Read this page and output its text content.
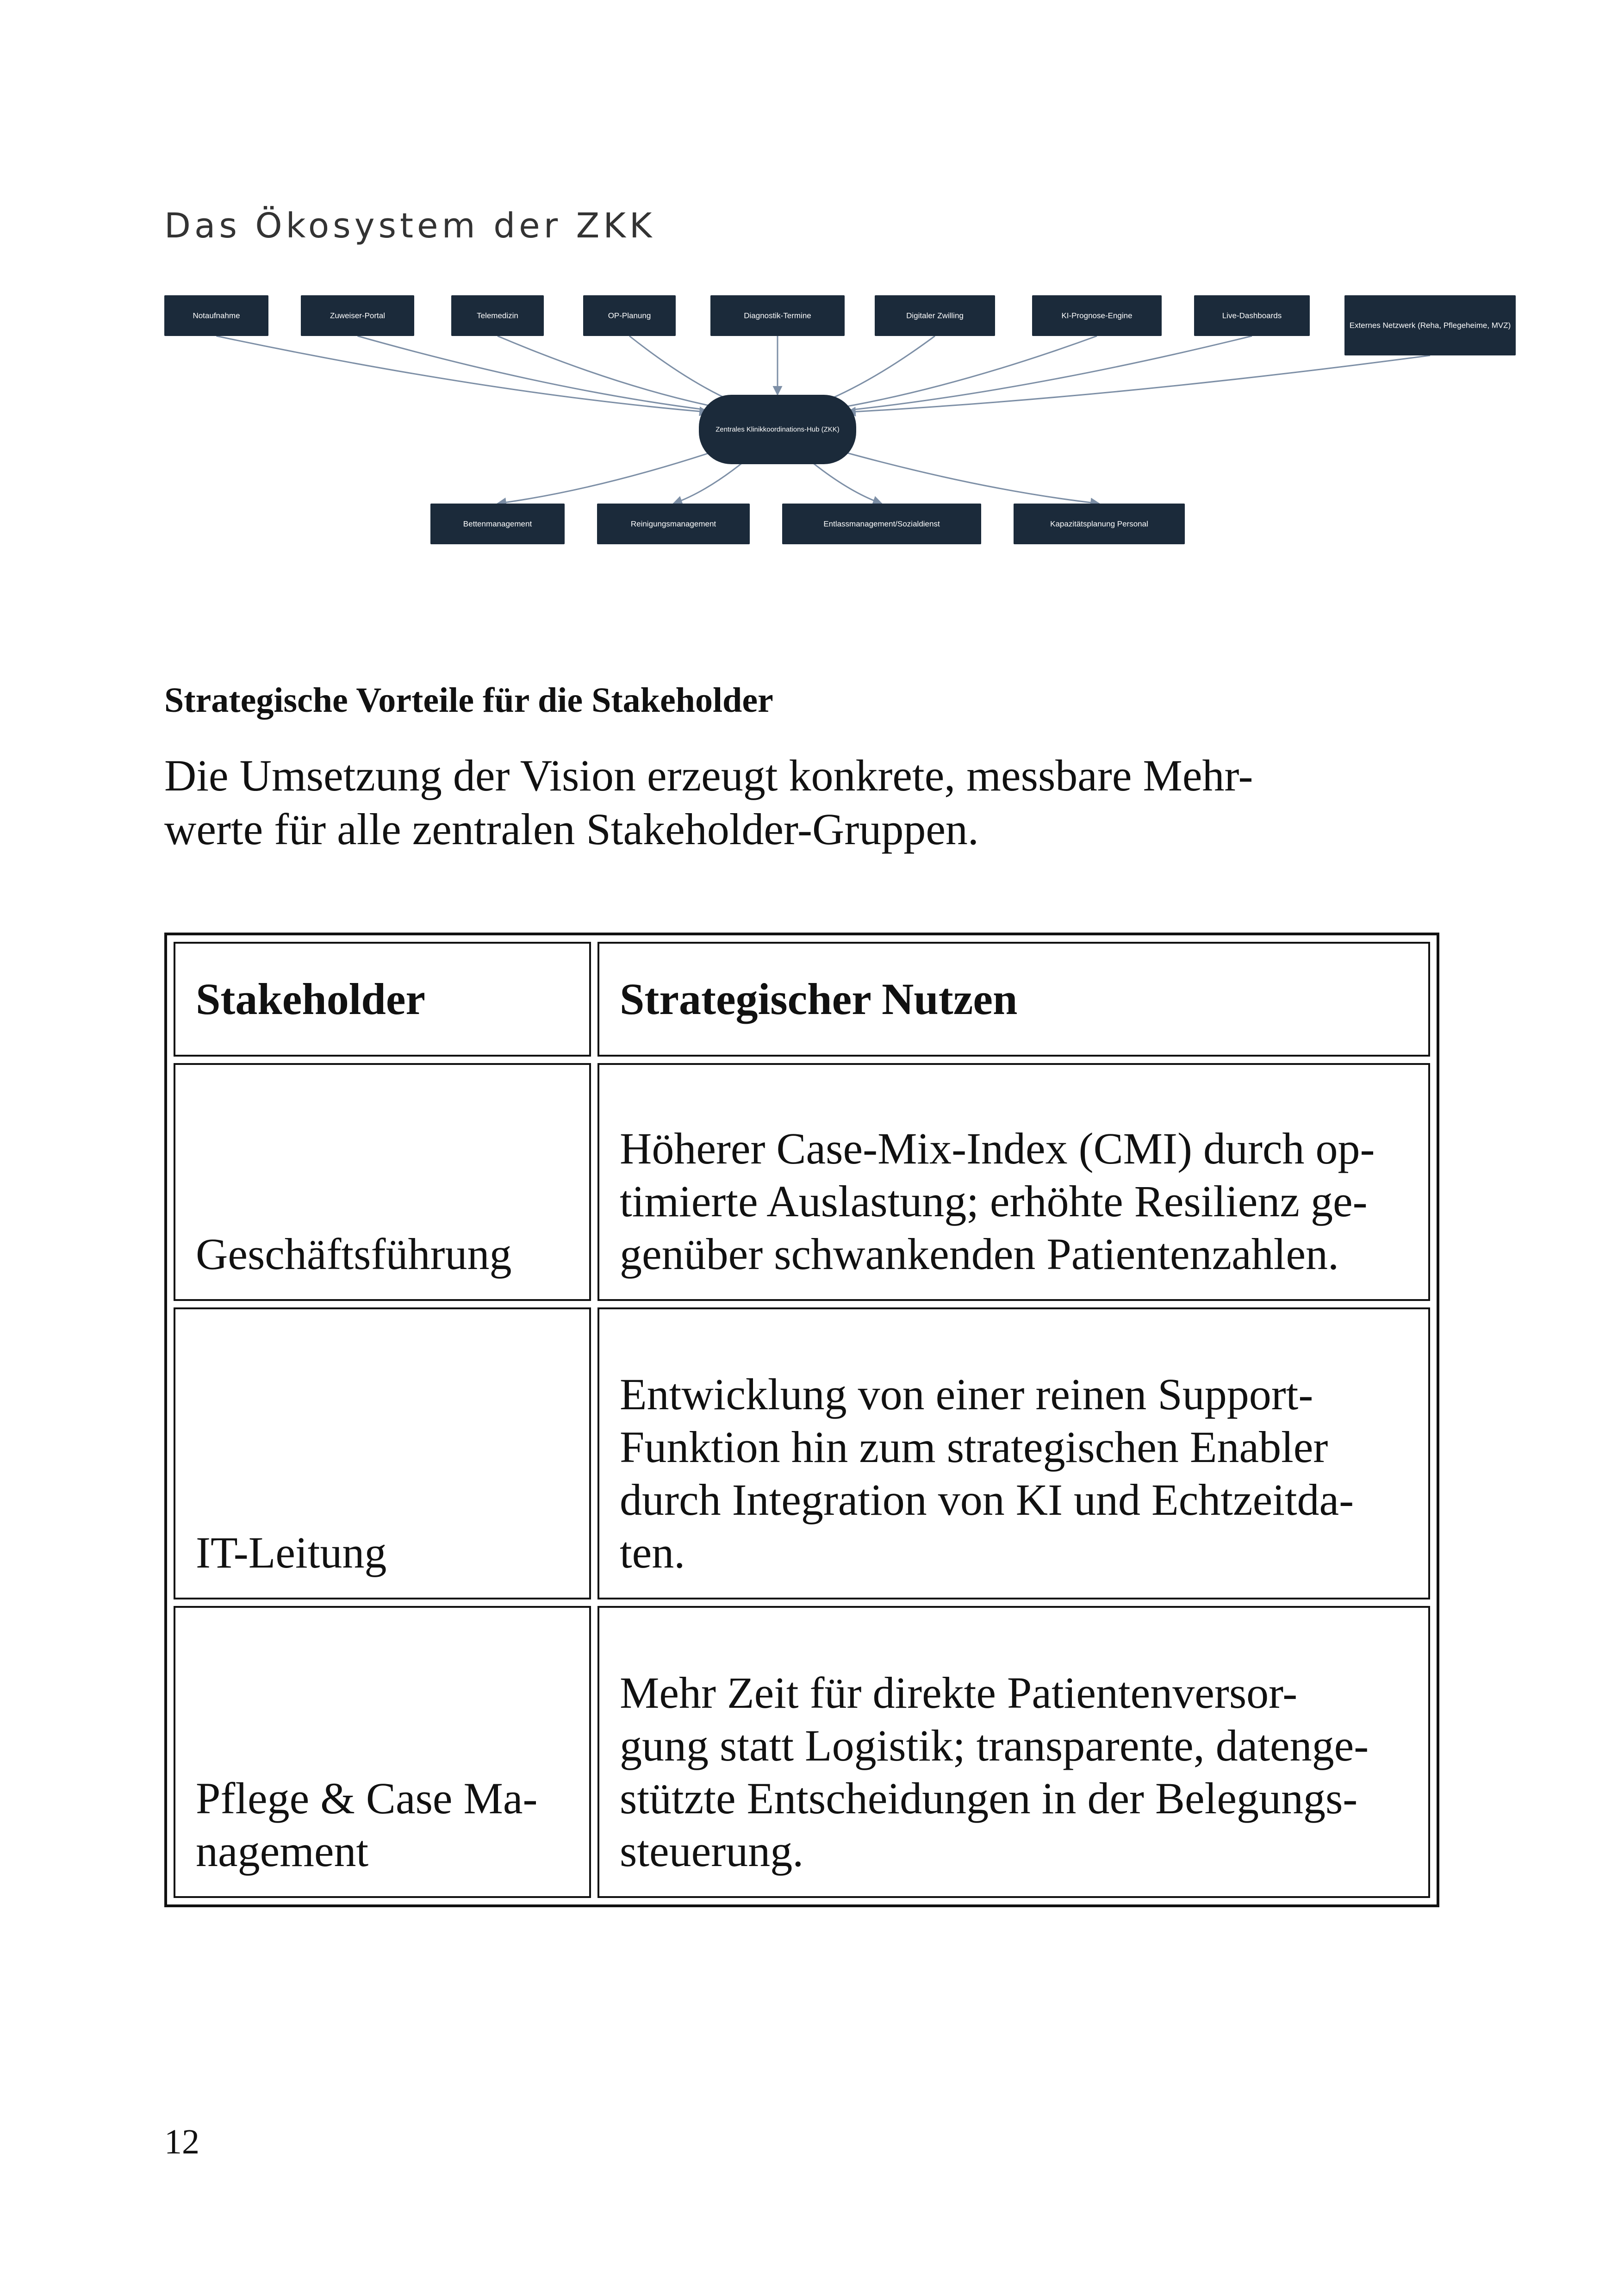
Das Ökosystem der ZKK
Notaufnahme	Zuweiser-Portal	Telemedizin	OP-Planung	Diagnostik-Termine	Digitaler Zwilling	KI-Prognose-Engine	Live-Dashboards
Externes Netzwerk (Reha, Pflegeheime, MVZ)
Bettenmanagement	Reinigungsmanagement	Entlassmanagement/Sozialdienst	Kapazitätsplanung Personal
Zentrales Klinikkoordinations-Hub (ZKK)
Strategische Vorteile für die Stakeholder
Die Umsetzung der Vision erzeugt konkrete, messbare Mehr-
werte für alle zentralen Stakeholder-Gruppen.
Stakeholder	Strategischer Nutzen

Geschäftsführung	Höherer Case-Mix-Index (CMI) durch op-
timierte Auslastung; erhöhte Resilienz ge-
genüber schwankenden Patientenzahlen.

IT-Leitung	Entwicklung von einer reinen Support-
Funktion hin zum strategischen Enabler
durch Integration von KI und Echtzeitda-
ten.

Pflege & Case Ma-
nagement	Mehr Zeit für direkte Patientenversor-
gung statt Logistik; transparente, datenge-
stützte Entscheidungen in der Belegungs-
steuerung.
12
